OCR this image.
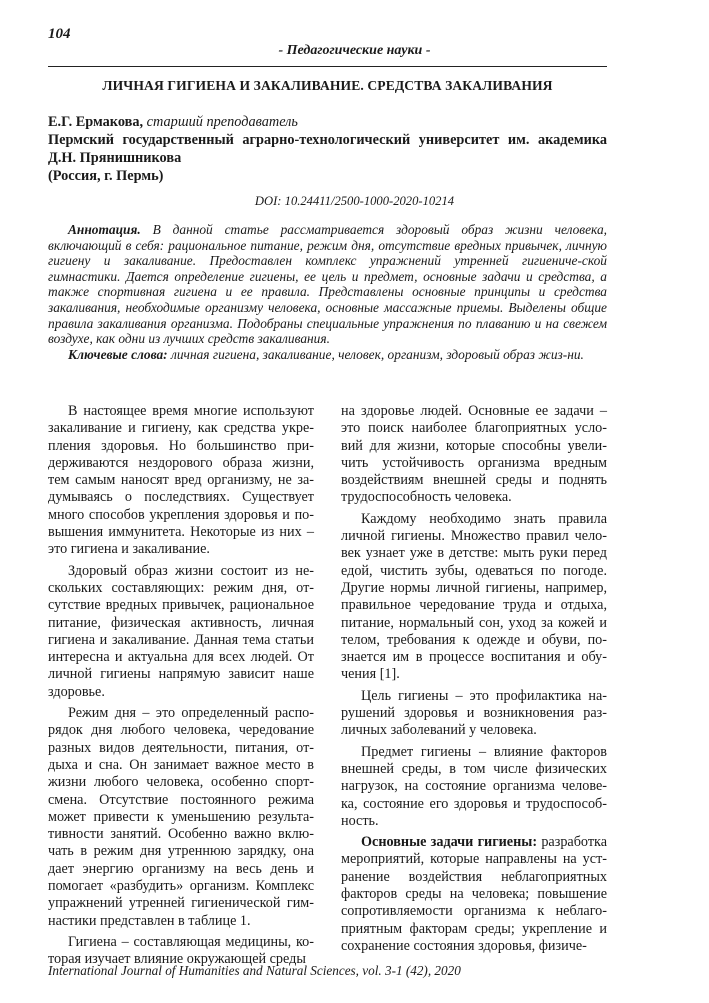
104
- Педагогические науки -
ЛИЧНАЯ ГИГИЕНА И ЗАКАЛИВАНИЕ. СРЕДСТВА ЗАКАЛИВАНИЯ
Е.Г. Ермакова, старший преподаватель
Пермский государственный аграрно-технологический университет им. академика
Д.Н. Прянишникова
(Россия, г. Пермь)
DOI: 10.24411/2500-1000-2020-10214

Аннотация. В данной статье рассматривается здоровый образ жизни человека, включающий в себя: рациональное питание, режим дня, отсутствие вредных привычек, личную гигиену и закаливание. Предоставлен комплекс упражнений утренней гигиениче-ской гимнастики. Дается определение гигиены, ее цель и предмет, основные задачи и средства, а также спортивная гигиена и ее правила. Представлены основные принципы и средства закаливания, необходимые организму человека, основные массажные приемы. Выделены общие правила закаливания организма. Подобраны специальные упражнения по плаванию и на свежем воздухе, как одни из лучших средств закаливания.

Ключевые слова: личная гигиена, закаливание, человек, организм, здоровый образ жиз-ни.

В настоящее время многие используют закаливание и гигиену, как средства укре-пления здоровья. Но большинство при-держиваются нездорового образа жизни, тем самым наносят вред организму, не за-думываясь о последствиях. Существует много способов укрепления здоровья и по-вышения иммунитета. Некоторые из них – это гигиена и закаливание.

Здоровый образ жизни состоит из не-скольких составляющих: режим дня, от-сутствие вредных привычек, рациональное питание, физическая активность, личная гигиена и закаливание. Данная тема статьи интересна и актуальна для всех людей. От личной гигиены напрямую зависит наше здоровье.

Режим дня – это определенный распо-рядок дня любого человека, чередование разных видов деятельности, питания, от-дыха и сна. Он занимает важное место в жизни любого человека, особенно спорт-смена. Отсутствие постоянного режима может привести к уменьшению результа-тивности занятий. Особенно важно вклю-чать в режим дня утреннюю зарядку, она дает энергию организму на весь день и помогает «разбудить» организм. Комплекс упражнений утренней гигиенической гим-настики представлен в таблице 1.

Гигиена – составляющая медицины, ко-торая изучает влияние окружающей среды

на здоровье людей. Основные ее задачи – это поиск наиболее благоприятных усло-вий для жизни, которые способны увели-чить устойчивость организма вредным воздействиям внешней среды и поднять трудоспособность человека.

Каждому необходимо знать правила личной гигиены. Множество правил чело-век узнает уже в детстве: мыть руки перед едой, чистить зубы, одеваться по погоде. Другие нормы личной гигиены, например, правильное чередование труда и отдыха, питание, нормальный сон, уход за кожей и телом, требования к одежде и обуви, по-знается им в процессе воспитания и обу-чения [1].

Цель гигиены – это профилактика на-рушений здоровья и возникновения раз-личных заболеваний у человека.

Предмет гигиены – влияние факторов внешней среды, в том числе физических нагрузок, на состояние организма челове-ка, состояние его здоровья и трудоспособ-ность.

Основные задачи гигиены: разработка мероприятий, которые направлены на уст-ранение воздействия неблагоприятных факторов среды на человека; повышение сопротивляемости организма к неблаго-приятным факторам среды; укрепление и сохранение состояния здоровья, физиче-

International Journal of Humanities and Natural Sciences, vol. 3-1 (42), 2020
